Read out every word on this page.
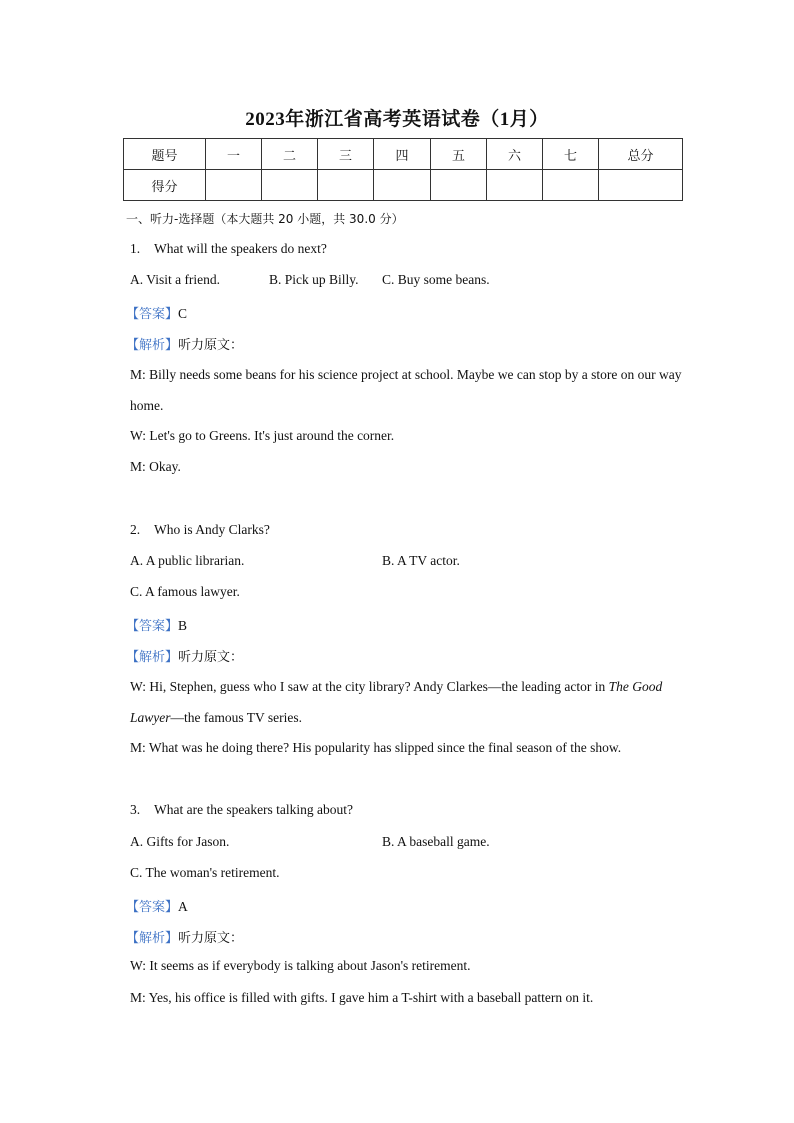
2023年浙江省高考英语试卷（1月）
题号	一	二	三	四	五	六	七	总分
得分								
一、听力-选择题（本大题共 20 小题，共 30.0 分）
1. What will the speakers do next?
A. Visit a friend.	B. Pick up Billy. C. Buy some beans.
【答案】C
【解析】听力原文：
M: Billy needs some beans for his science project at school. Maybe we can stop by a store on our way home.
W: Let's go to Greens. It's just around the corner.
M: Okay.
2. Who is Andy Clarks?
A. A public librarian.	B. A TV actor.
C. A famous lawyer.
【答案】B
【解析】听力原文：
W: Hi, Stephen, guess who I saw at the city library? Andy Clarkes—the leading actor in The Good Lawyer—the famous TV series.
M: What was he doing there? His popularity has slipped since the final season of the show.
3. What are the speakers talking about?
A. Gifts for Jason.	B. A baseball game.
C. The woman's retirement.
【答案】A
【解析】听力原文：
W: It seems as if everybody is talking about Jason's retirement.
M: Yes, his office is filled with gifts. I gave him a T-shirt with a baseball pattern on it.
